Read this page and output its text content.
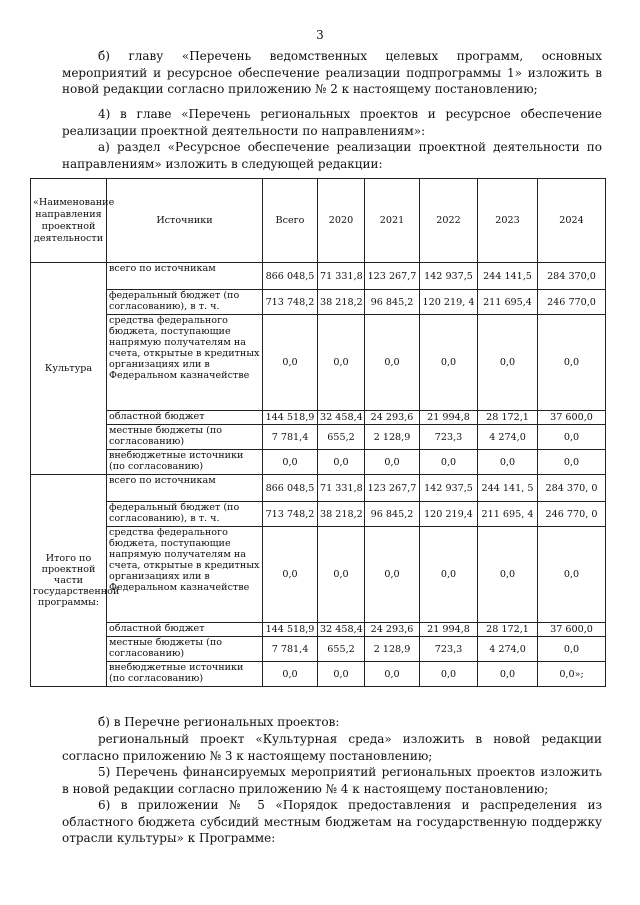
3

б) главу «Перечень ведомственных целевых программ, основных мероприятий и ресурсное обеспечение реализации подпрограммы 1» изложить в новой редакции согласно приложению № 2 к настоящему постановлению;

4) в главе «Перечень региональных проектов и ресурсное обеспечение реализации проектной деятельности по направлениям»:

а) раздел «Ресурсное обеспечение реализации проектной деятельности по направлениям» изложить в следующей редакции:

«Наименование направления проектной деятельности	Источники	Всего	2020	2021	2022	2023	2024
Культура	всего по источникам	866 048,5	71 331,8	123 267,7	142 937,5	244 141,5	284 370,0
	федеральный бюджет (по согласованию), в т. ч.	713 748,2	38 218,2	96 845,2	120 219, 4	211 695,4	246 770,0
	средства федерального бюджета, поступающие напрямую получателям на счета, открытые в кредитных организациях или в Федеральном казначействе	0,0	0,0	0,0	0,0	0,0	0,0
	областной бюджет	144 518,9	32 458,4	24 293,6	21 994,8	28 172,1	37 600,0
	местные бюджеты (по согласованию)	7 781,4	655,2	2 128,9	723,3	4 274,0	0,0
	внебюджетные источники (по согласованию)	0,0	0,0	0,0	0,0	0,0	0,0
Итого по проектной части государственной программы:	всего по источникам	866 048,5	71 331,8	123 267,7	142 937,5	244 141, 5	284 370, 0
	федеральный бюджет (по согласованию), в т. ч.	713 748,2	38 218,2	96 845,2	120 219,4	211 695, 4	246 770, 0
	средства федерального бюджета, поступающие напрямую получателям на счета, открытые в кредитных организациях или в Федеральном казначействе	0,0	0,0	0,0	0,0	0,0	0,0
	областной бюджет	144 518,9	32 458,4	24 293,6	21 994,8	28 172,1	37 600,0
	местные бюджеты (по согласованию)	7 781,4	655,2	2 128,9	723,3	4 274,0	0,0
	внебюджетные источники (по согласованию)	0,0	0,0	0,0	0,0	0,0	0,0»;

б) в Перечне региональных проектов:

региональный проект «Культурная среда» изложить в новой редакции согласно приложению № 3 к настоящему постановлению;

5) Перечень финансируемых мероприятий региональных проектов изложить в новой редакции согласно приложению № 4 к настоящему постановлению;

6) в приложении № 5 «Порядок предоставления и распределения из областного бюджета субсидий местным бюджетам на государственную поддержку отрасли культуры» к Программе:
